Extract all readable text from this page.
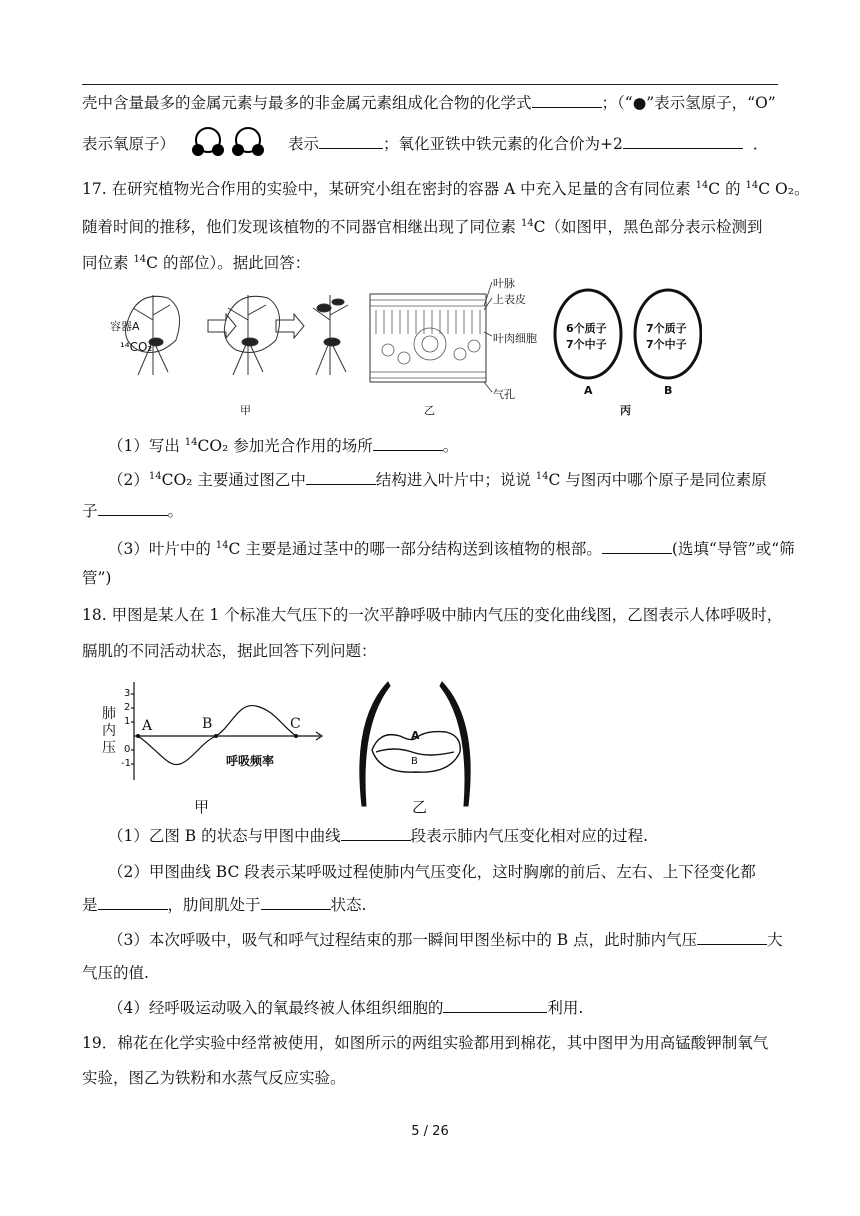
壳中含量最多的金属元素与最多的非金属元素组成化合物的化学式	；（“●”表示氢原子，“O”
表示氧原子）	表示	；氧化亚铁中铁元素的化合价为+2	．
17. 在研究植物光合作用的实验中，某研究小组在密封的容器 A 中充入足量的含有同位素 $^{14}$C 的 $^{14}$C O₂。
随着时间的推移，他们发现该植物的不同器官相继出现了同位素 $^{14}$C（如图甲，黑色部分表示检测到
同位素 $^{14}$C 的部位）。据此回答：
容器A
¹⁴CO₂
叶脉
上表皮
叶肉细胞
气孔
6个质子
7个中子
7个质子
7个中子
A	B
甲	乙	丙
（1）写出 $^{14}$CO₂ 参加光合作用的场所	。
$(2)^{14}CO_2$ 主要通过图乙中	结构进入叶片中；说说 $^{14}$C 与图丙中哪个原子是同位素原
子	。
（3）叶片中的 $^{14}$C 主要是通过茎中的哪一部分结构送到该植物的根部。	(选填“导管”或“筛
管”)
18. 甲图是某人在 1 个标准大气压下的一次平静呼吸中肺内气压的变化曲线图，乙图表示人体呼吸时，
膈肌的不同活动状态，据此回答下列问题：
肺
内
压
3
2
1
0
-1
A	B	C
呼吸频率
甲
A
B
乙
（1）乙图 B 的状态与甲图中曲线	段表示肺内气压变化相对应的过程.
（2）甲图曲线 BC 段表示某呼吸过程使肺内气压变化，这时胸廓的前后、左右、上下径变化都
是	，肋间肌处于	状态.
（3）本次呼吸中，吸气和呼气过程结束的那一瞬间甲图坐标中的 B 点，此时肺内气压	大
气压的值.
（4）经呼吸运动吸入的氧最终被人体组织细胞的	利用.
19．棉花在化学实验中经常被使用，如图所示的两组实验都用到棉花，其中图甲为用高锰酸钾制氧气
实验，图乙为铁粉和水蒸气反应实验。
5 / 26
